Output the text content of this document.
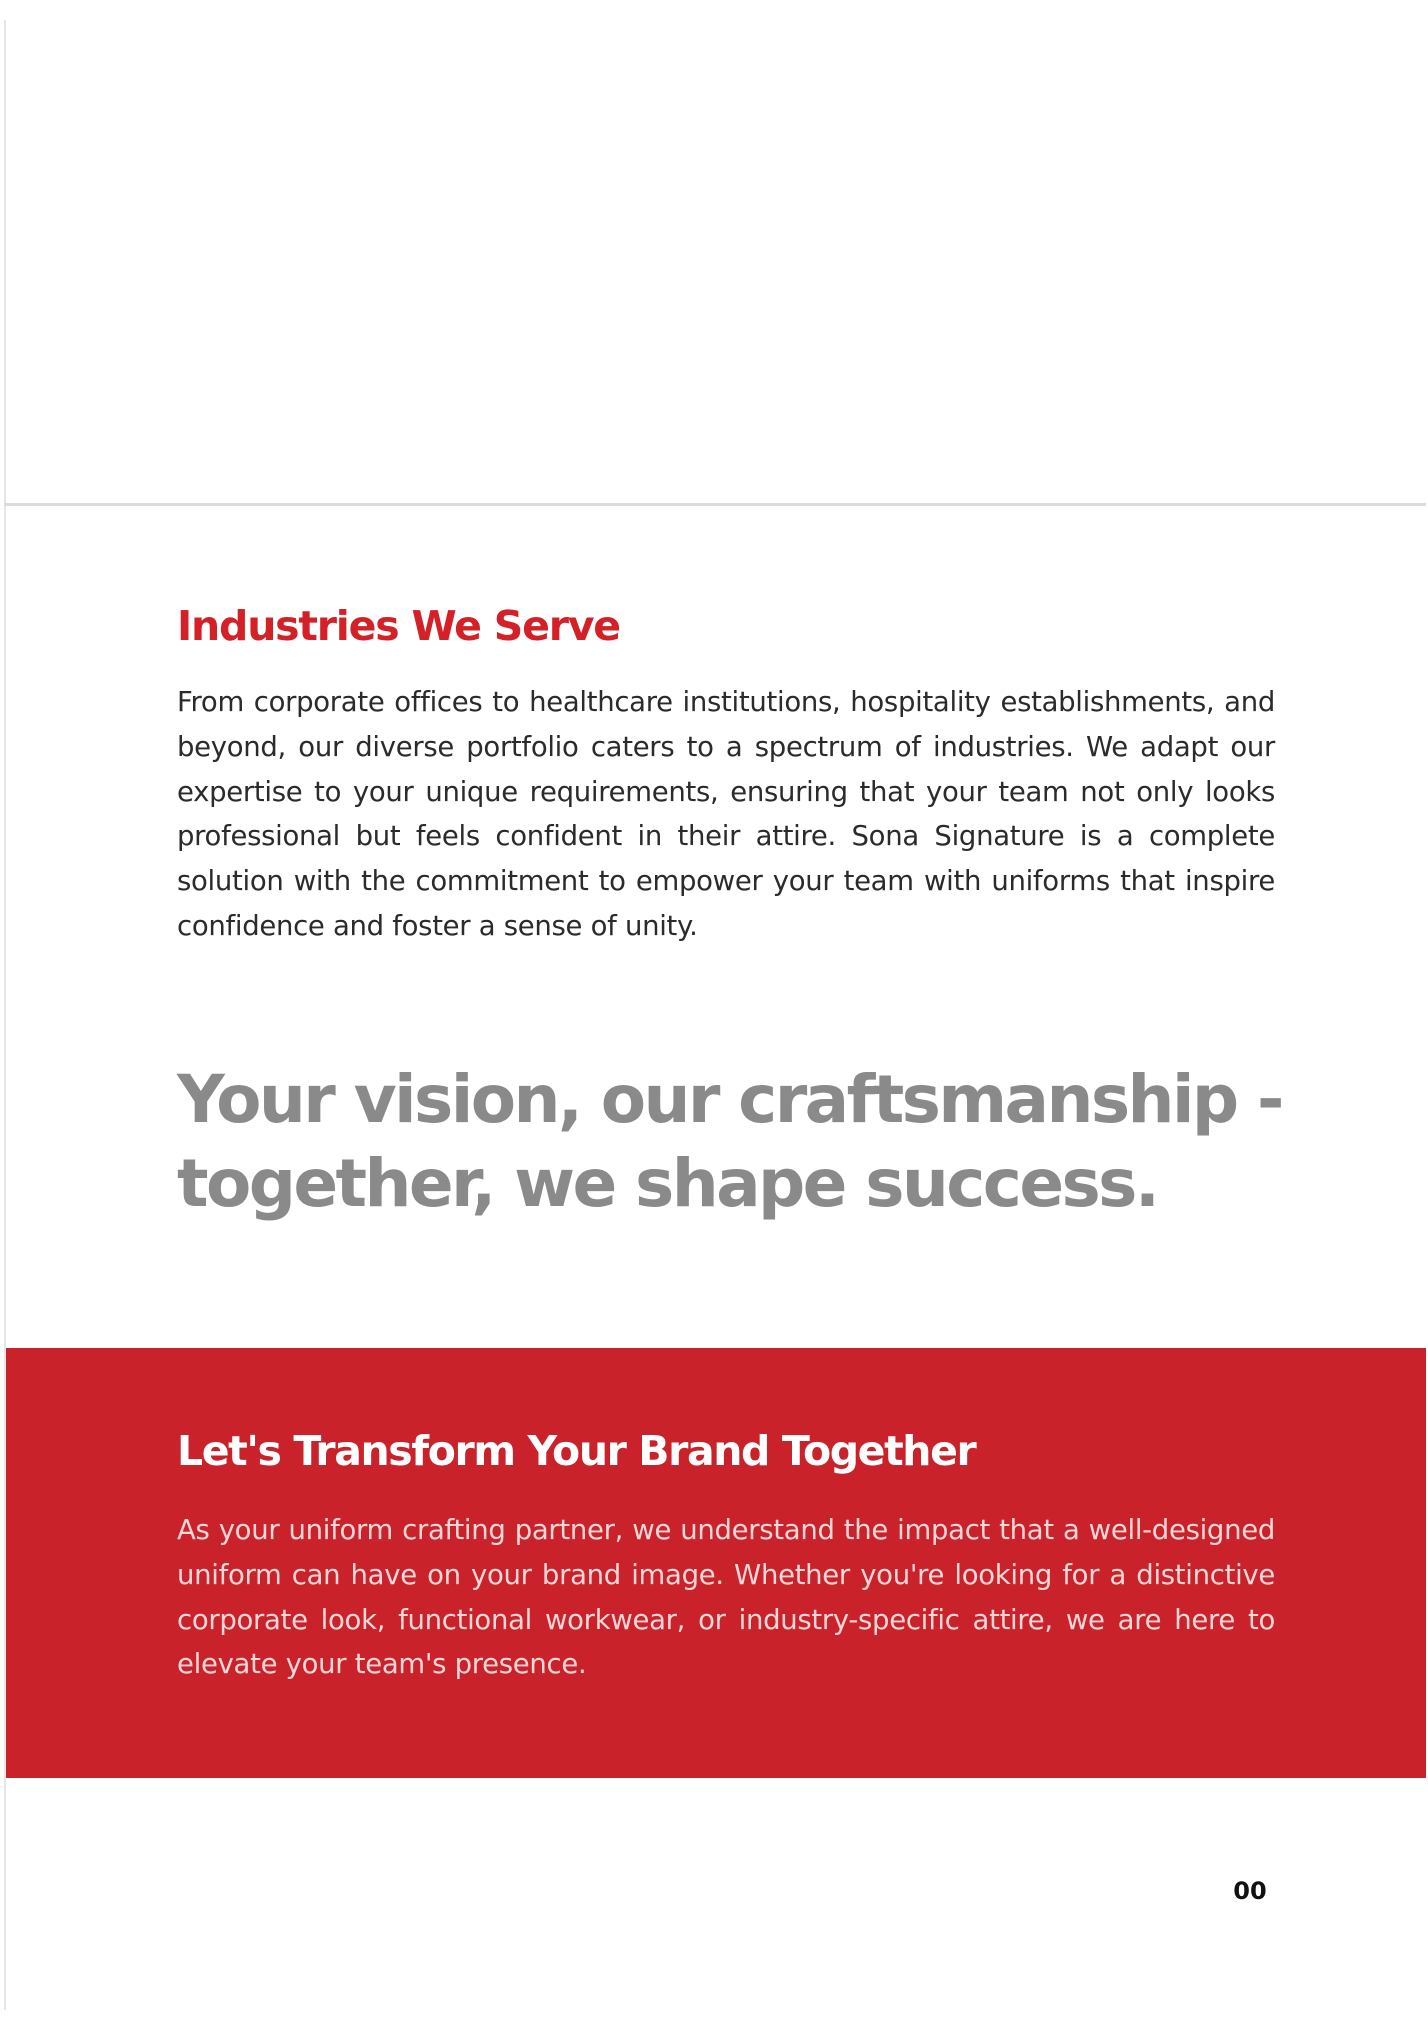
Industries We Serve

From corporate offices to healthcare institutions, hospitality establishments, and beyond, our diverse portfolio caters to a spectrum of industries. We adapt our expertise to your unique requirements, ensuring that your team not only looks professional but feels confident in their attire. Sona Signature is a complete solution with the commitment to empower your team with uniforms that inspire confidence and foster a sense of unity.

Your vision, our craftsmanship - together, we shape success.
Let's Transform Your Brand Together

As your uniform crafting partner, we understand the impact that a well-designed uniform can have on your brand image. Whether you're looking for a distinctive corporate look, functional workwear, or industry-specific attire, we are here to elevate your team's presence.

00
